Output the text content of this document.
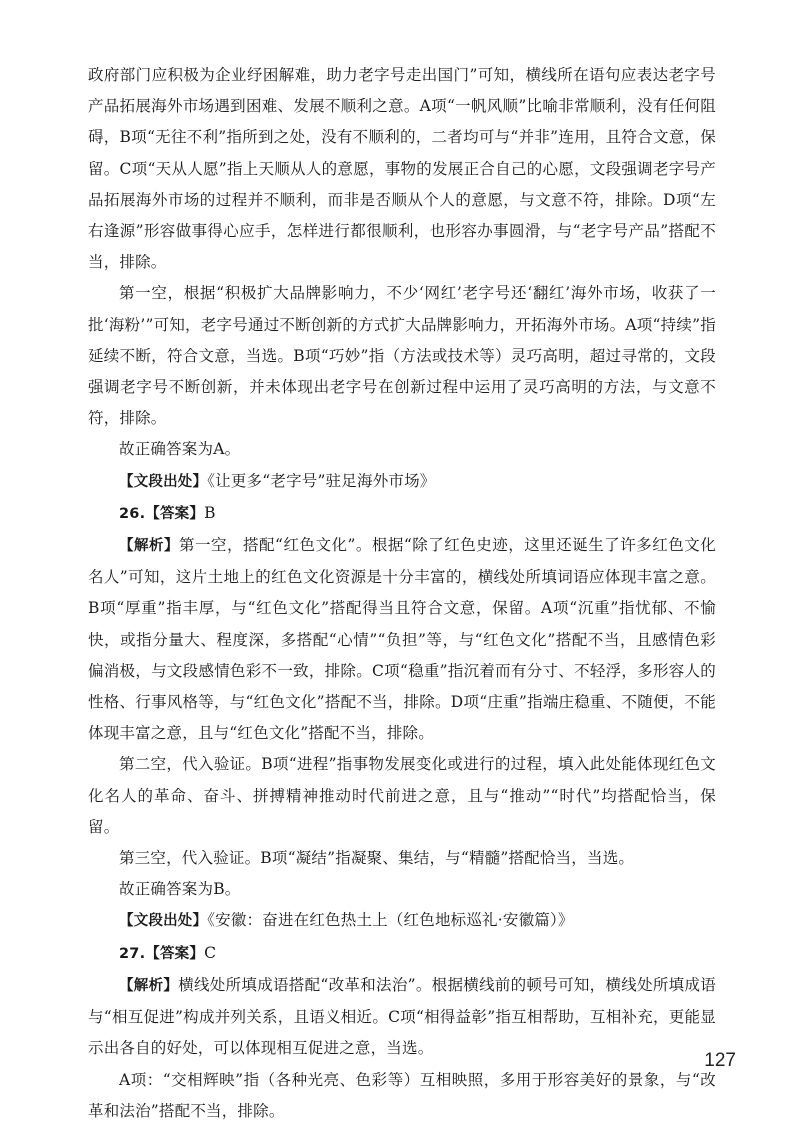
政府部门应积极为企业纾困解难，助力老字号走出国门”可知，横线所在语句应表达老字号产品拓展海外市场遇到困难、发展不顺利之意。A项“一帆风顺”比喻非常顺利，没有任何阻碍，B项“无往不利”指所到之处，没有不顺利的，二者均可与“并非”连用，且符合文意，保留。C项“天从人愿”指上天顺从人的意愿，事物的发展正合自己的心愿，文段强调老字号产品拓展海外市场的过程并不顺利，而非是否顺从个人的意愿，与文意不符，排除。D项“左右逢源”形容做事得心应手，怎样进行都很顺利，也形容办事圆滑，与“老字号产品”搭配不当，排除。

第一空，根据“积极扩大品牌影响力，不少‘网红’老字号还‘翻红’海外市场，收获了一批‘海粉’”可知，老字号通过不断创新的方式扩大品牌影响力，开拓海外市场。A项“持续”指延续不断，符合文意，当选。B项“巧妙”指（方法或技术等）灵巧高明，超过寻常的，文段强调老字号不断创新，并未体现出老字号在创新过程中运用了灵巧高明的方法，与文意不符，排除。

故正确答案为A。

【文段出处】《让更多“老字号”驻足海外市场》

26.【答案】B

【解析】第一空，搭配“红色文化”。根据“除了红色史迹，这里还诞生了许多红色文化名人”可知，这片土地上的红色文化资源是十分丰富的，横线处所填词语应体现丰富之意。B项“厚重”指丰厚，与“红色文化”搭配得当且符合文意，保留。A项“沉重”指忧郁、不愉快，或指分量大、程度深，多搭配“心情”“负担”等，与“红色文化”搭配不当，且感情色彩偏消极，与文段感情色彩不一致，排除。C项“稳重”指沉着而有分寸、不轻浮，多形容人的性格、行事风格等，与“红色文化”搭配不当，排除。D项“庄重”指端庄稳重、不随便，不能体现丰富之意，且与“红色文化”搭配不当，排除。

第二空，代入验证。B项“进程”指事物发展变化或进行的过程，填入此处能体现红色文化名人的革命、奋斗、拼搏精神推动时代前进之意，且与“推动”“时代”均搭配恰当，保留。

第三空，代入验证。B项“凝结”指凝聚、集结，与“精髓”搭配恰当，当选。

故正确答案为B。

【文段出处】《安徽：奋进在红色热土上（红色地标巡礼·安徽篇）》

27.【答案】C

【解析】横线处所填成语搭配“改革和法治”。根据横线前的顿号可知，横线处所填成语与“相互促进”构成并列关系，且语义相近。C项“相得益彰”指互相帮助，互相补充，更能显示出各自的好处，可以体现相互促进之意，当选。

A项：“交相辉映”指（各种光亮、色彩等）互相映照，多用于形容美好的景象，与“改革和法治”搭配不当，排除。

127
